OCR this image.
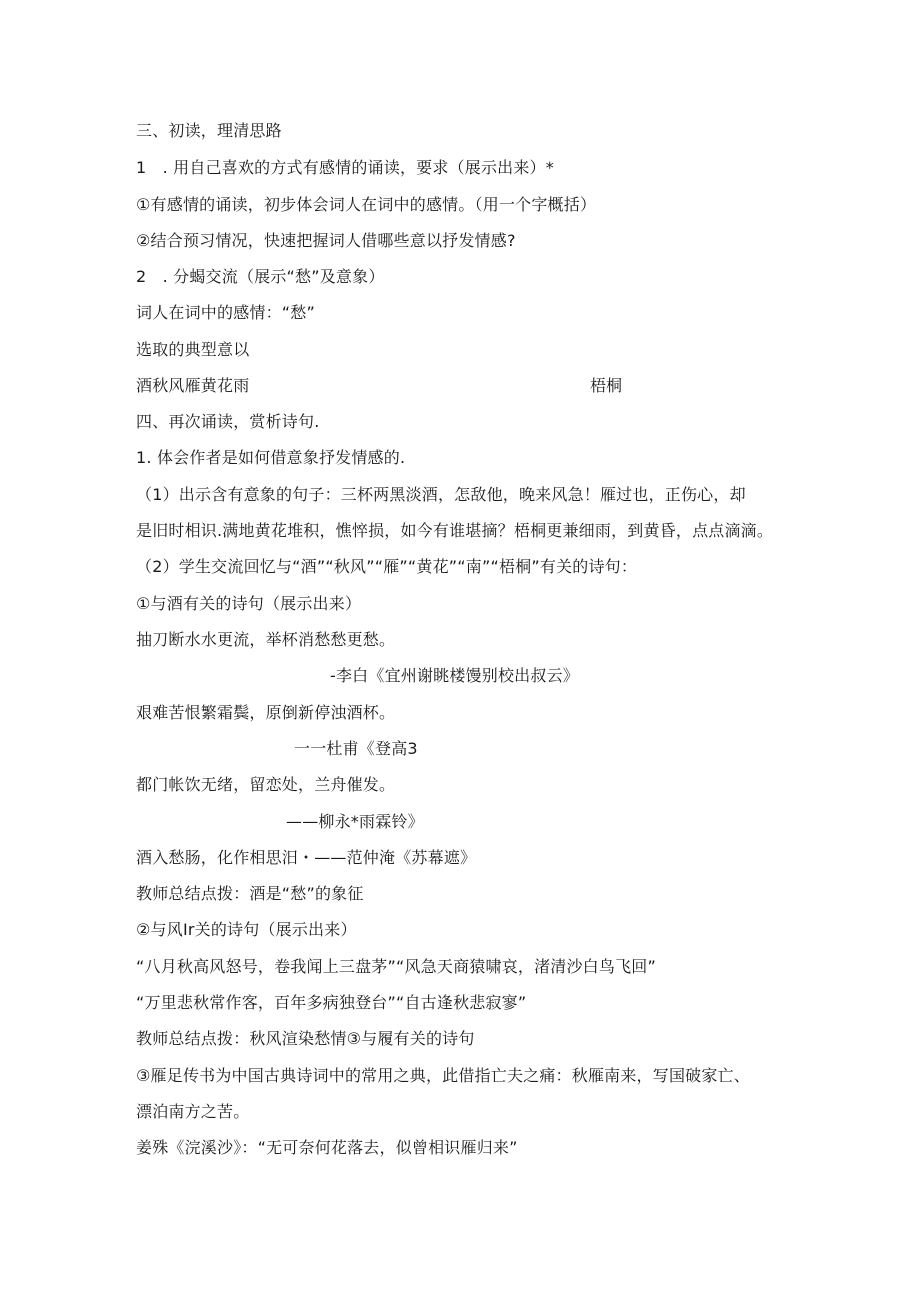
三、初读，理清思路
1　. 用自己喜欢的方式有感情的诵读，要求（展示出来）*
①有感情的诵读，初步体会词人在词中的感情。（用一个字概括）
②结合预习情况，快速把握词人借哪些意以抒发情感?
2　. 分蝎交流（展示“愁”及意象）
词人在词中的感情：“愁”
选取的典型意以
酒秋风雁黄花雨	梧桐
四、再次诵读，赏析诗句.
1. 体会作者是如何借意象抒发情感的.
（1）出示含有意象的句子：三杯两黑淡酒，怎敌他，晚来风急！雁过也，正伤心，却
是旧时相识.满地黄花堆积，憔悴损，如今有谁堪摘？梧桐更兼细雨，到黄昏，点点滴滴。
（2）学生交流回忆与“酒”“秋风”“雁”“黄花”“南”“梧桐”有关的诗句：
①与酒有关的诗句（展示出来）
抽刀断水水更流，举杯消愁愁更愁。
-李白《宜州谢眺楼馒别校出叔云》
艰难苦恨繁霜鬓，原倒新停浊酒杯。
一一杜甫《登高3
都门帐饮无绪，留恋处，兰舟催发。
——柳永*雨霖铃》
酒入愁肠，化作相思汨・——范仲淹《苏幕遮》
教师总结点拨：酒是“愁”的象征
②与风Ir关的诗句（展示出来）
“八月秋高风怒号，卷我闻上三盘茅”“风急天商猿啸哀，渚清沙白鸟飞回”
“万里悲秋常作客，百年多病独登台”“自古逢秋悲寂寥”
教师总结点拨：秋风渲染愁情③与履有关的诗句
③雁足传书为中国古典诗词中的常用之典，此借指亡夫之痛：秋雁南来，写国破家亡、
漂泊南方之苦。
姜殊《浣溪沙》：“无可奈何花落去，似曾相识雁归来”
